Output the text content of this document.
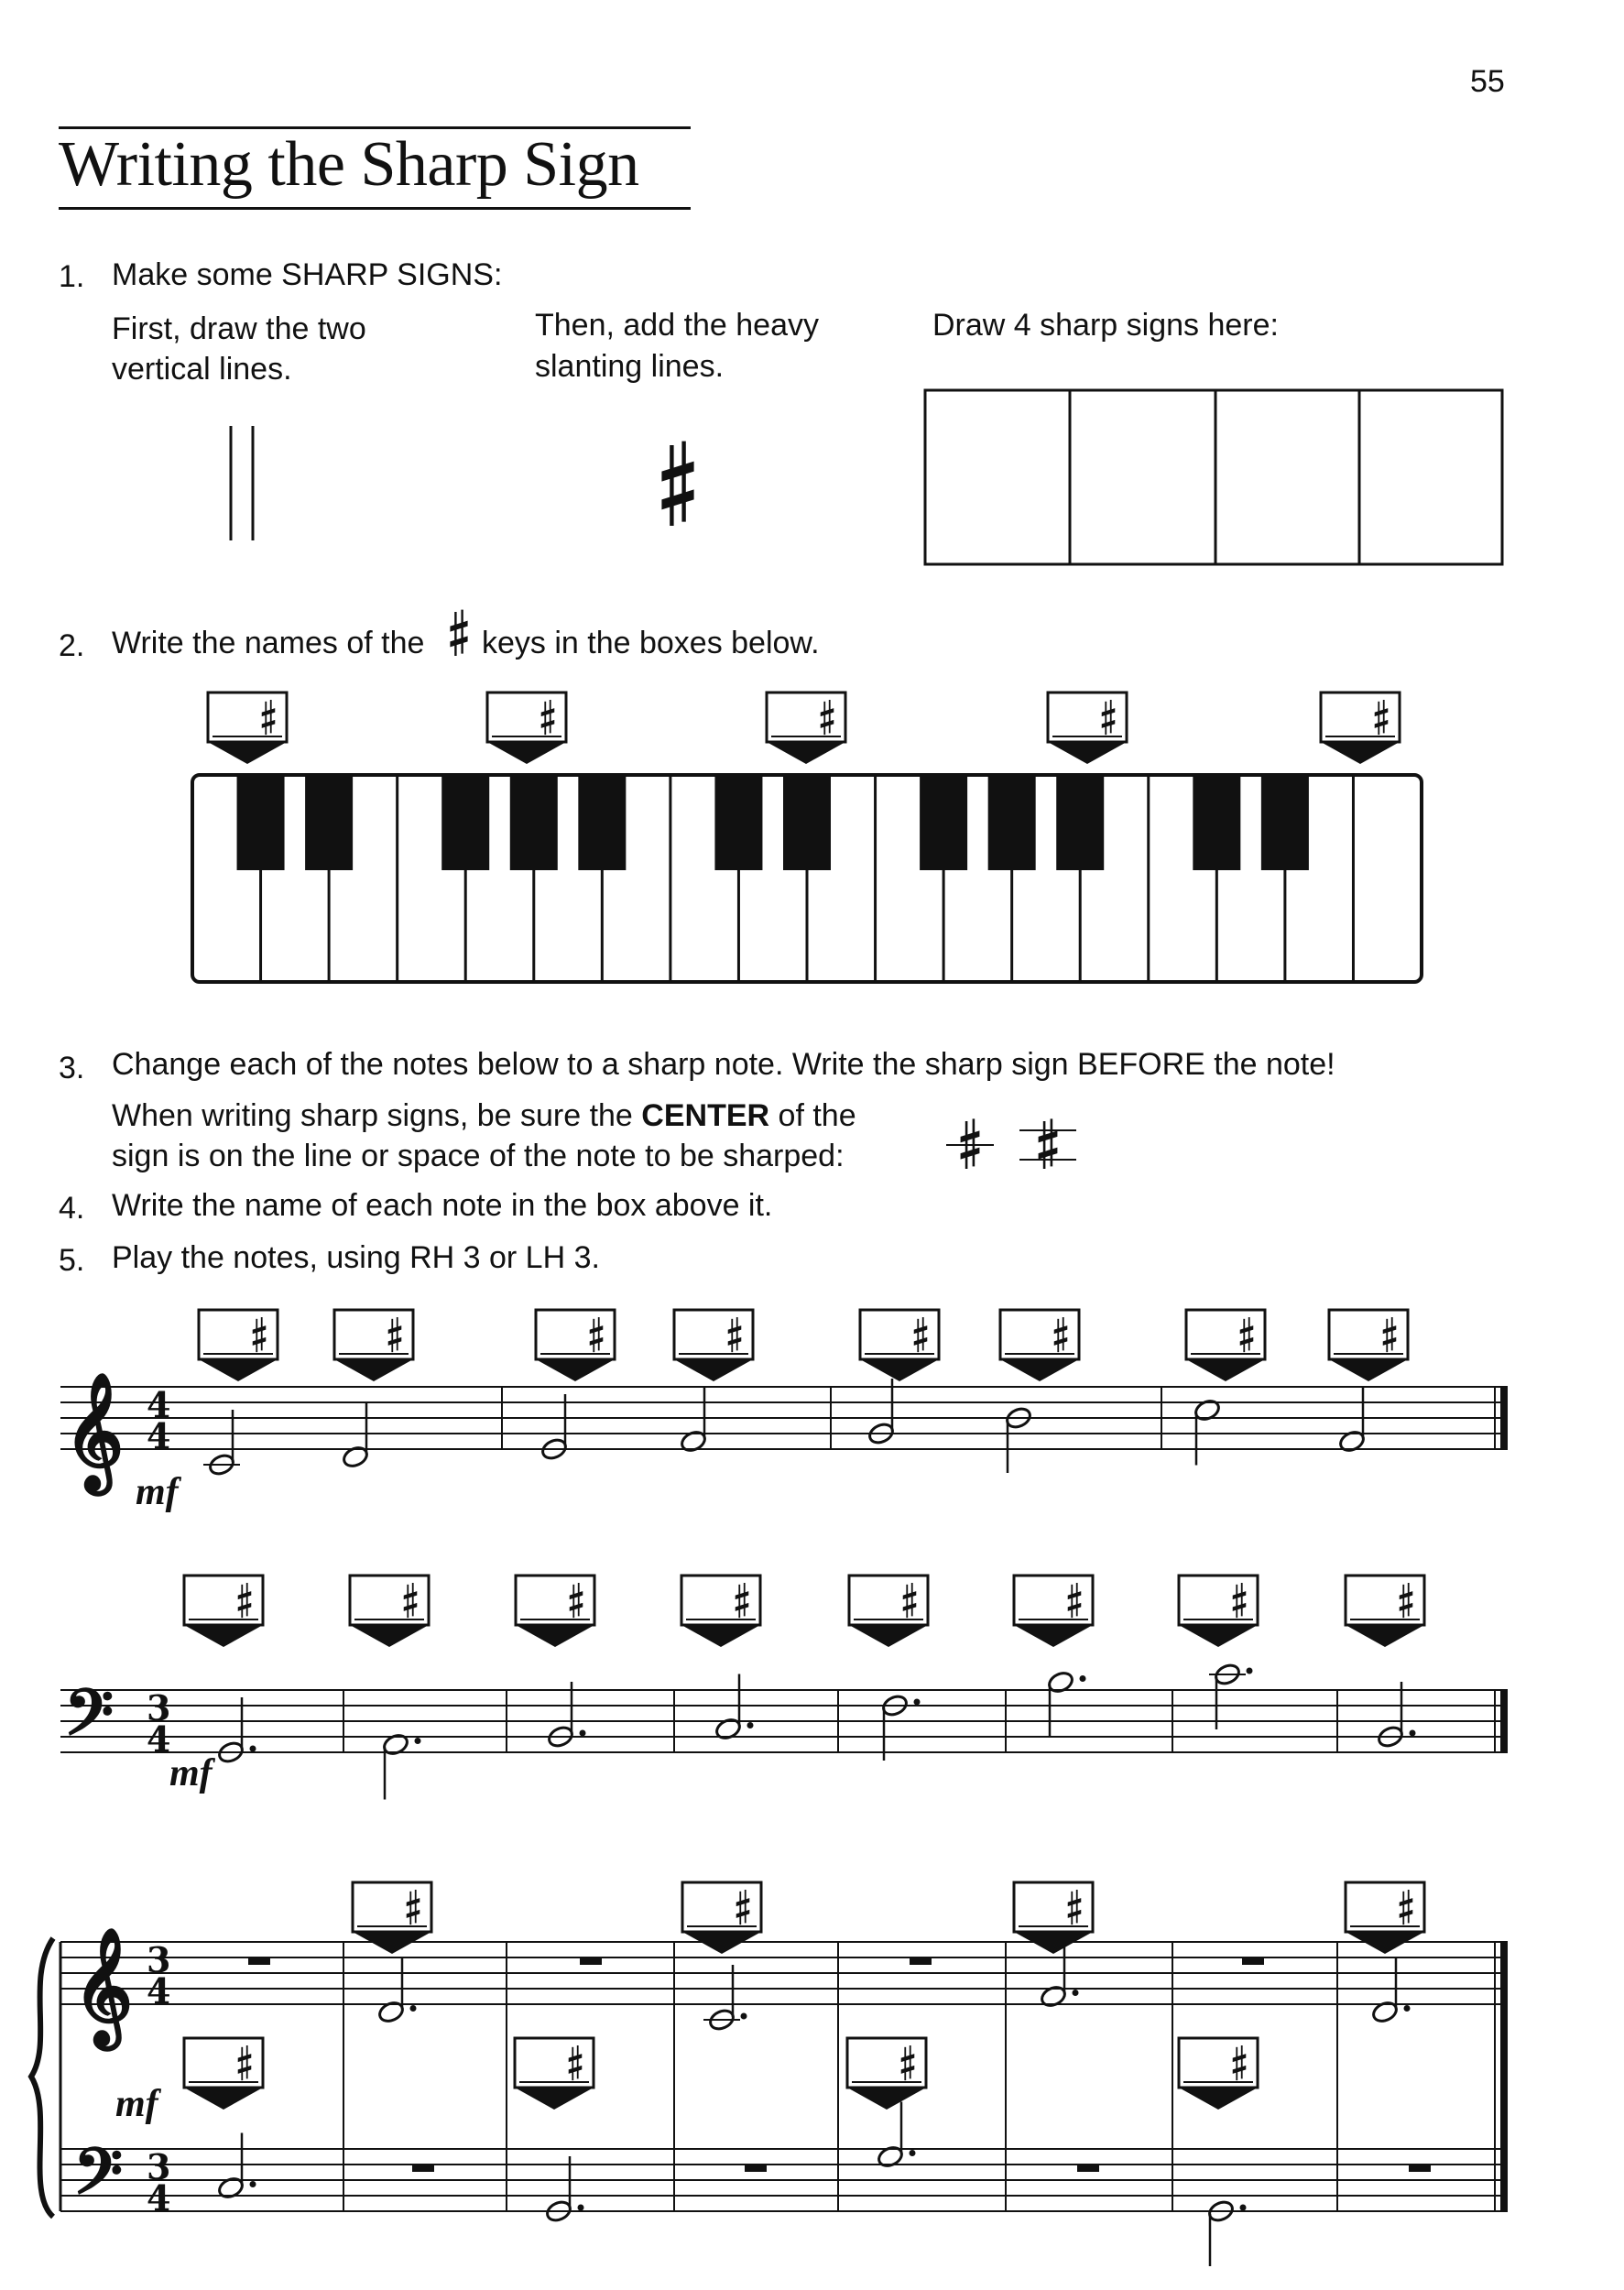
55
Writing the Sharp Sign
1. Make some SHARP SIGNS:
First, draw the two
vertical lines.
Then, add the heavy
slanting lines.
Draw 4 sharp signs here:
2. Write the names of the keys in the boxes below.
3. Change each of the notes below to a sharp note. Write the sharp sign BEFORE the note!
When writing sharp signs, be sure the CENTER of the
sign is on the line or space of the note to be sharped:
4. Write the name of each note in the box above it.
5. Play the notes, using RH 3 or LH 3.
mf
mf
mf
𝄞 4
4
𝄢 3
4
𝄞 3
4
𝄢 3
4
